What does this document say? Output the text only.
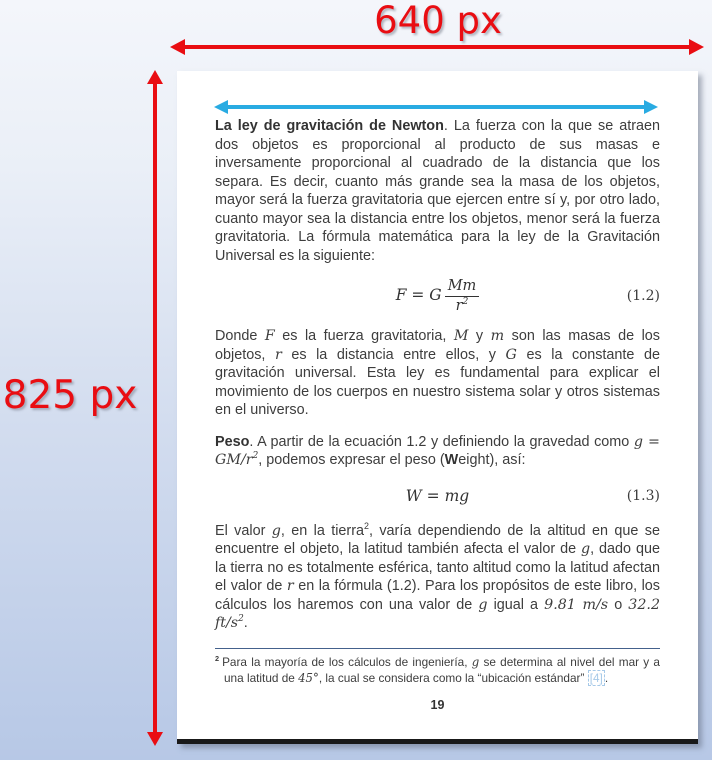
640 px
825 px

La ley de gravitación de Newton. La fuerza con la que se atraen dos objetos es proporcional al producto de sus masas e inversamente proporcional al cuadrado de la distancia que los separa. Es decir, cuanto más grande sea la masa de los objetos, mayor será la fuerza gravitatoria que ejercen entre sí y, por otro lado, cuanto mayor sea la distancia entre los objetos, menor será la fuerza gravitatoria. La fórmula matemática para la ley de la Gravitación Universal es la siguiente:

F = G $\frac{Mm}{r^2}$	(1.2)

Donde F es la fuerza gravitatoria, M y m son las masas de los objetos, r es la distancia entre ellos, y G es la constante de gravitación universal. Esta ley es fundamental para explicar el movimiento de los cuerpos en nuestro sistema solar y otros sistemas en el universo.

Peso. A partir de la ecuación 1.2 y definiendo la gravedad como $g = GM/r^2$, podemos expresar el peso (Weight), así:

W = mg	(1.3)

El valor g, en la tierra$^2$, varía dependiendo de la altitud en que se encuentre el objeto, la latitud también afecta el valor de g, dado que la tierra no es totalmente esférica, tanto altitud como la latitud afectan el valor de r en la fórmula (1.2). Para los propósitos de este libro, los cálculos los haremos con una valor de g igual a 9.81 m/s o 32.2 $ft/s^2$.

$^2$ Para la mayoría de los cálculos de ingeniería, g se determina al nivel del mar y a una latitud de 45°, la cual se considera como la “ubicación estándar” [4] .
19
